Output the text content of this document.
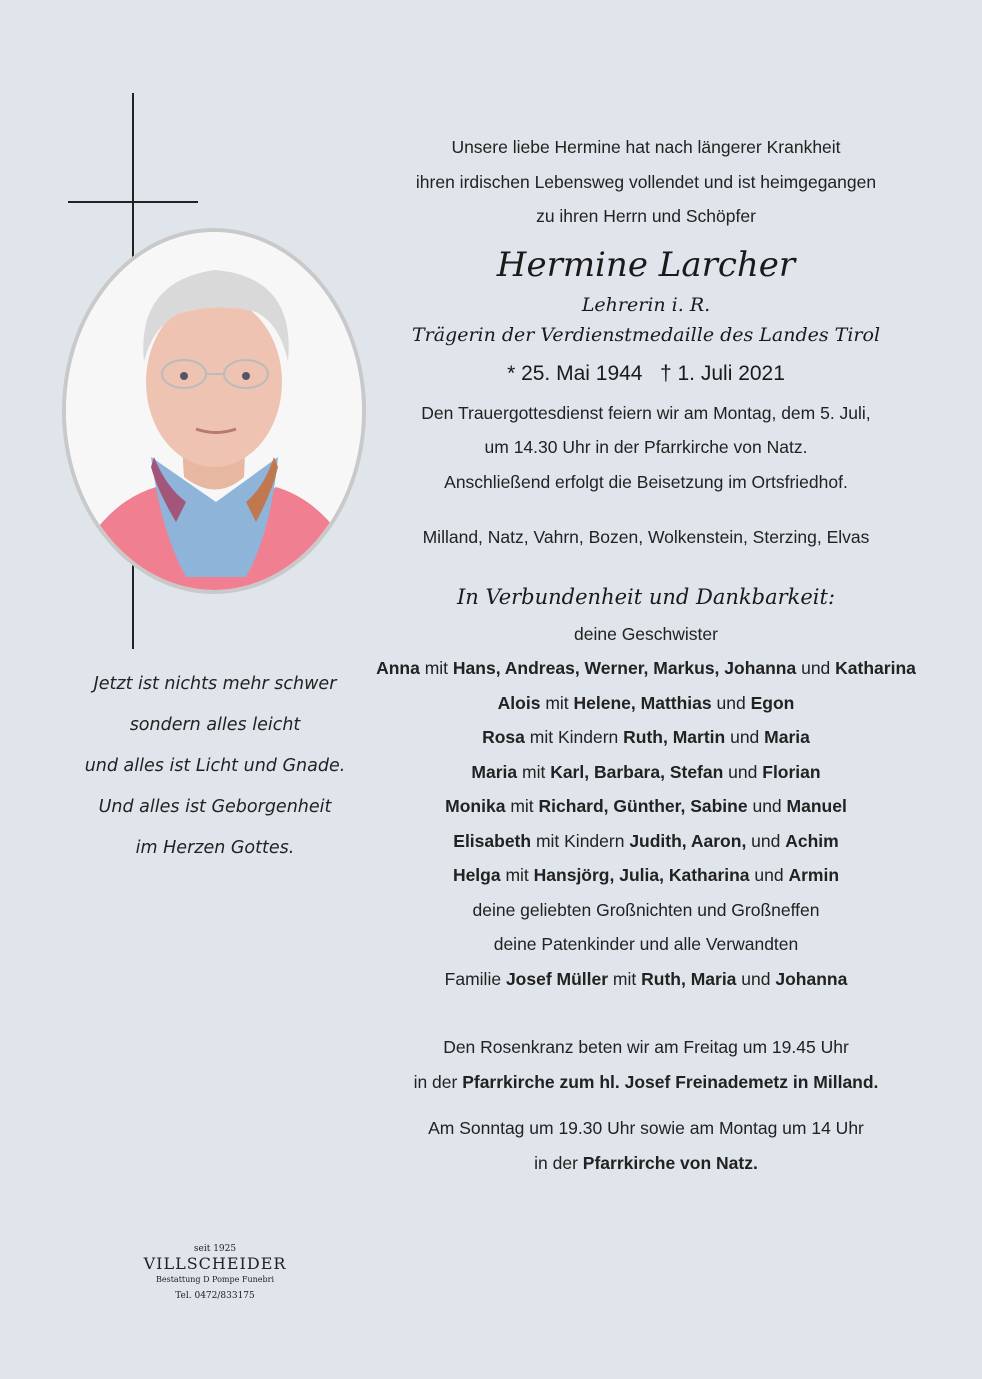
Jetzt ist nichts mehr schwer
sondern alles leicht
und alles ist Licht und Gnade.
Und alles ist Geborgenheit
im Herzen Gottes.
seit 1925
VILLSCHEIDER
Bestattung D Pompe Funebri
Tel. 0472/833175
Unsere liebe Hermine hat nach längerer Krankheit
ihren irdischen Lebensweg vollendet und ist heimgegangen
zu ihren Herrn und Schöpfer
Hermine Larcher
Lehrerin i. R.
Trägerin der Verdienstmedaille des Landes Tirol
* 25. Mai 1944   † 1. Juli 2021
Den Trauergottesdienst feiern wir am Montag, dem 5. Juli,
um 14.30 Uhr in der Pfarrkirche von Natz.
Anschließend erfolgt die Beisetzung im Ortsfriedhof.
Milland, Natz, Vahrn, Bozen, Wolkenstein, Sterzing, Elvas
In Verbundenheit und Dankbarkeit:
deine Geschwister
Anna mit Hans, Andreas, Werner, Markus, Johanna und Katharina
Alois mit Helene, Matthias und Egon
Rosa mit Kindern Ruth, Martin und Maria
Maria mit Karl, Barbara, Stefan und Florian
Monika mit Richard, Günther, Sabine und Manuel
Elisabeth mit Kindern Judith, Aaron, und Achim
Helga mit Hansjörg, Julia, Katharina und Armin
deine geliebten Großnichten und Großneffen
deine Patenkinder und alle Verwandten
Familie Josef Müller mit Ruth, Maria und Johanna
Den Rosenkranz beten wir am Freitag um 19.45 Uhr
in der Pfarrkirche zum hl. Josef Freinademetz in Milland.
Am Sonntag um 19.30 Uhr sowie am Montag um 14 Uhr
in der Pfarrkirche von Natz.
